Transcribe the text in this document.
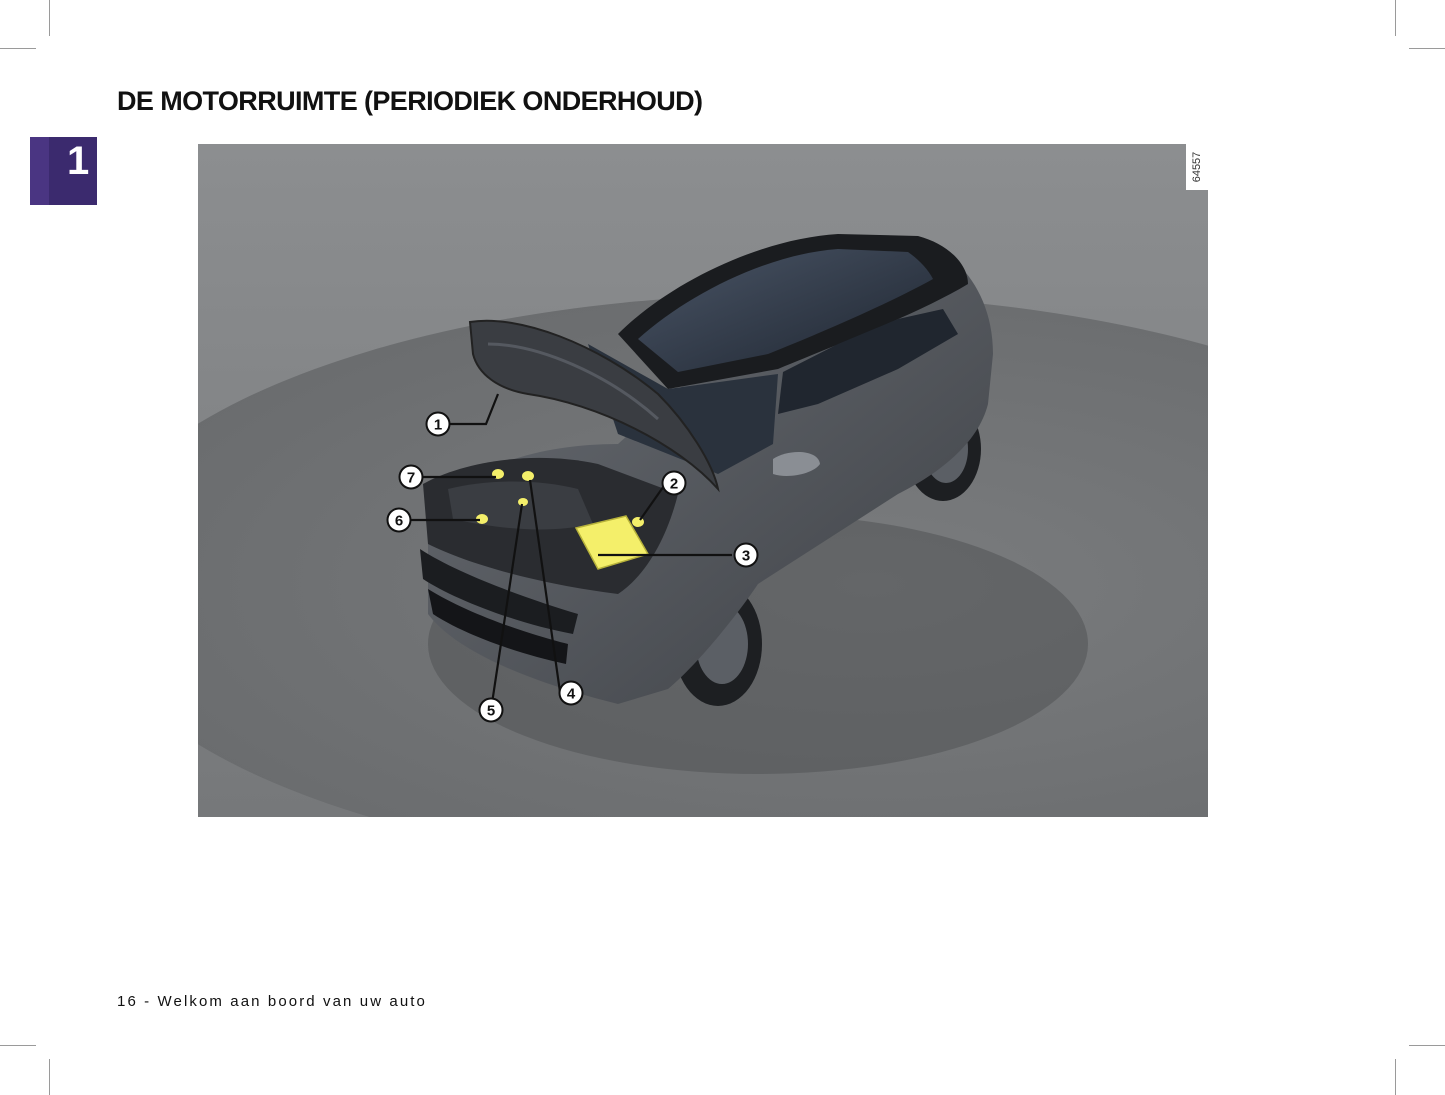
DE MOTORRUIMTE (PERIODIEK ONDERHOUD)
1
1
2
3
4
5
6
7
64557
16 - Welkom aan boord van uw auto
